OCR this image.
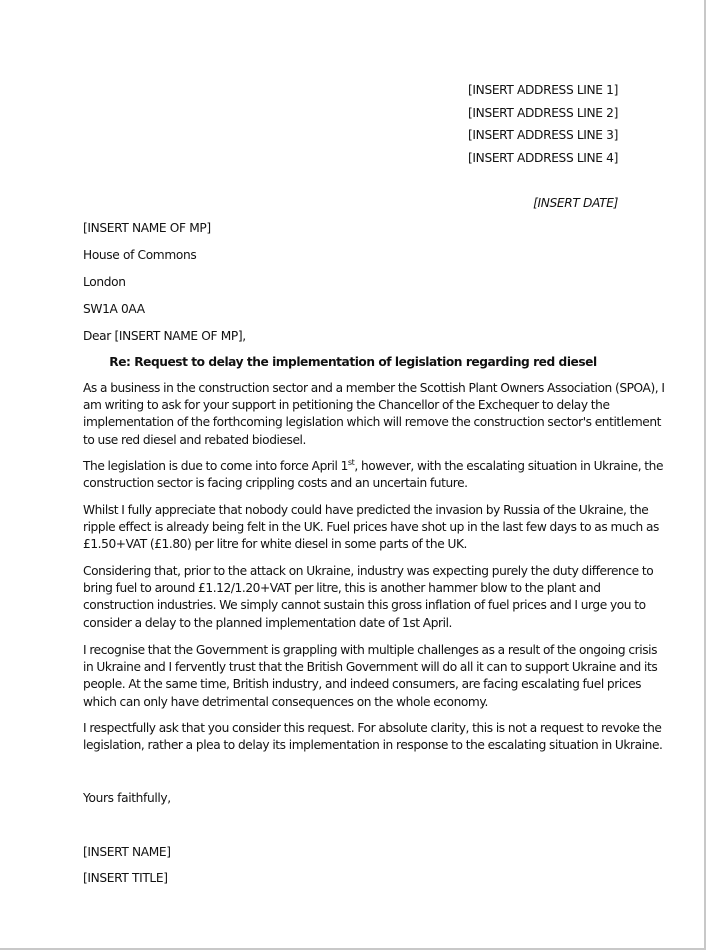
[INSERT ADDRESS LINE 1]
[INSERT ADDRESS LINE 2]
[INSERT ADDRESS LINE 3]
[INSERT ADDRESS LINE 4]
[INSERT DATE]
[INSERT NAME OF MP]
House of Commons
London
SW1A 0AA
Dear [INSERT NAME OF MP],
Re: Request to delay the implementation of legislation regarding red diesel
As a business in the construction sector and a member the Scottish Plant Owners Association (SPOA), I
am writing to ask for your support in petitioning the Chancellor of the Exchequer to delay the
implementation of the forthcoming legislation which will remove the construction sector's entitlement
to use red diesel and rebated biodiesel.
The legislation is due to come into force April 1st, however, with the escalating situation in Ukraine, the
construction sector is facing crippling costs and an uncertain future.
Whilst I fully appreciate that nobody could have predicted the invasion by Russia of the Ukraine, the
ripple effect is already being felt in the UK. Fuel prices have shot up in the last few days to as much as
£1.50+VAT (£1.80) per litre for white diesel in some parts of the UK.
Considering that, prior to the attack on Ukraine, industry was expecting purely the duty difference to
bring fuel to around £1.12/1.20+VAT per litre, this is another hammer blow to the plant and
construction industries. We simply cannot sustain this gross inflation of fuel prices and I urge you to
consider a delay to the planned implementation date of 1st April.
I recognise that the Government is grappling with multiple challenges as a result of the ongoing crisis
in Ukraine and I fervently trust that the British Government will do all it can to support Ukraine and its
people. At the same time, British industry, and indeed consumers, are facing escalating fuel prices
which can only have detrimental consequences on the whole economy.
I respectfully ask that you consider this request. For absolute clarity, this is not a request to revoke the
legislation, rather a plea to delay its implementation in response to the escalating situation in Ukraine.
Yours faithfully,
[INSERT NAME]
[INSERT TITLE]
